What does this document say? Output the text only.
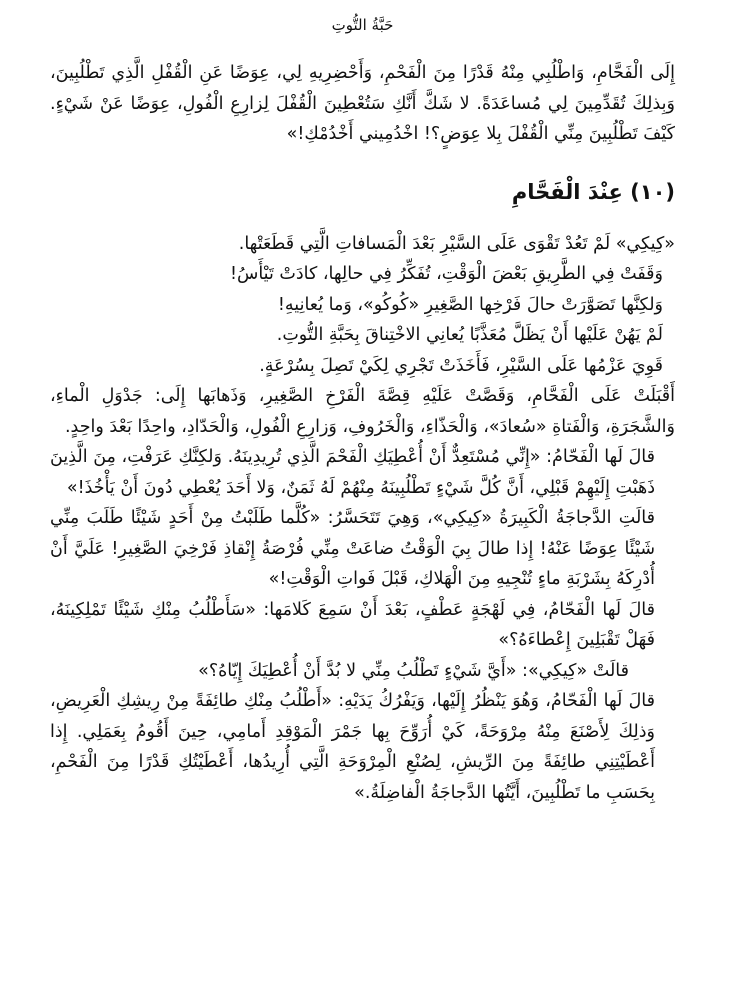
حَبَّةُ التُّوتِ

إِلَى الْفَحَّامِ، وَاطْلُبِي مِنْهُ قَدْرًا مِنَ الْفَحْمِ، وَأَحْضِرِيهِ لِي، عِوَضًا عَنِ الْقُفْلِ الَّذِي تَطْلُبِينَ، وَبِذلِكَ تُقَدِّمِينَ لِي مُساعَدَةً. لا شَكَّ أَنَّكِ سَتُعْطِينَ الْقُفْلَ لِزارِعِ الْفُولِ، عِوَضًا عَنْ شَيْءٍ. كَيْفَ تَطْلُبِينَ مِنِّي الْقُفْلَ بِلا عِوَضٍ؟! اخْدُمِيني أَخْدُمْكِ!»

(١٠) عِنْدَ الْفَحَّامِ

«كِيكِي» لَمْ تَعُدْ تَقْوَى عَلَى السَّيْرِ بَعْدَ الْمَسافاتِ الَّتِي قَطَعَتْها.

وَقَفَتْ فِي الطَّرِيقِ بَعْضَ الْوَقْتِ، تُفَكِّرُ فِي حالِها، كادَتْ تَيْأَسُ!

وَلكِنَّها تَصَوَّرَتْ حالَ فَرْخِها الصَّغِيرِ «كُوكُو»، وَما يُعانِيهِ!

لَمْ يَهُنْ عَلَيْها أَنْ يَظَلَّ مُعَذَّبًا يُعانِي الاخْتِناقَ بِحَبَّةِ التُّوتِ.

قَوِيَ عَزْمُها عَلَى السَّيْرِ، فَأَخَذَتْ تَجْرِي لِكَيْ تَصِلَ بِسُرْعَةٍ.

أَقْبَلَتْ عَلَى الْفَحَّامِ، وَقَصَّتْ عَلَيْهِ قِصَّةَ الْفَرْخِ الصَّغِيرِ، وَذَهابَها إِلَى: جَدْوَلِ الْماءِ، وَالشَّجَرَةِ، وَالْفَتاةِ «سُعادَ»، وَالْحَذّاءِ، وَالْخَرُوفِ، وَزارِعِ الْفُولِ، وَالْحَدّادِ، واحِدًا بَعْدَ واحِدٍ.

قالَ لَها الْفَحّامُ: «إِنِّي مُسْتَعِدٌّ أَنْ أُعْطِيَكِ الْفَحْمَ الَّذِي تُرِيدِينَهُ. وَلكِنَّكِ عَرَفْتِ، مِنَ الَّذِينَ ذَهَبْتِ إِلَيْهِمْ قَبْلِي، أَنَّ كُلَّ شَيْءٍ تَطْلُبِينَهُ مِنْهُمْ لَهُ ثَمَنٌ، وَلا أَحَدَ يُعْطِي دُونَ أَنْ يَأْخُذَ!»

قالَتِ الدَّجاجَةُ الْكَبِيرَةُ «كِيكِي»، وَهِيَ تَتَحَسَّرُ: «كُلَّما طَلَبْتُ مِنْ أَحَدٍ شَيْئًا طَلَبَ مِنِّي شَيْئًا عِوَضًا عَنْهُ! إِذا طالَ بِيَ الْوَقْتُ ضاعَتْ مِنِّي فُرْصَةُ إِنْقاذِ فَرْخِيَ الصَّغِيرِ! عَلَيَّ أَنْ أُدْرِكَهُ بِشَرْبَةِ ماءٍ تُنْجِيهِ مِنَ الْهَلاكِ، قَبْلَ فَواتِ الْوَقْتِ!»

قالَ لَها الْفَحّامُ، فِي لَهْجَةٍ عَطْفٍ، بَعْدَ أَنْ سَمِعَ كَلامَها: «سَأَطْلُبُ مِنْكِ شَيْئًا تَمْلِكِينَهُ، فَهَلْ تَقْبَلِينَ إِعْطاءَهُ؟»

قالَتْ «كِيكِي»: «أَيَّ شَيْءٍ تَطْلُبُ مِنِّي لا بُدَّ أَنْ أُعْطِيَكَ إِيّاهُ؟»

قالَ لَها الْفَحّامُ، وَهُوَ يَنْظُرُ إِلَيْها، وَيَفْرُكُ يَدَيْهِ: «أَطْلُبُ مِنْكِ طائِفَةً مِنْ رِيشِكِ الْعَرِيضِ، وَذلِكَ لِأَصْنَعَ مِنْهُ مِرْوَحَةً، كَيْ أُرَوِّحَ بِها جَمْرَ الْمَوْقِدِ أَمامِي، حِينَ أَقُومُ بِعَمَلِي. إِذا أَعْطَيْتِنِي طائِفَةً مِنَ الرِّيشِ، لِصُنْعِ الْمِرْوَحَةِ الَّتِي أُرِيدُها، أَعْطَيْتُكِ قَدْرًا مِنَ الْفَحْمِ، بِحَسَبِ ما تَطْلُبِينَ، أَيَّتُها الدَّجاجَةُ الْفاضِلَةُ.»
